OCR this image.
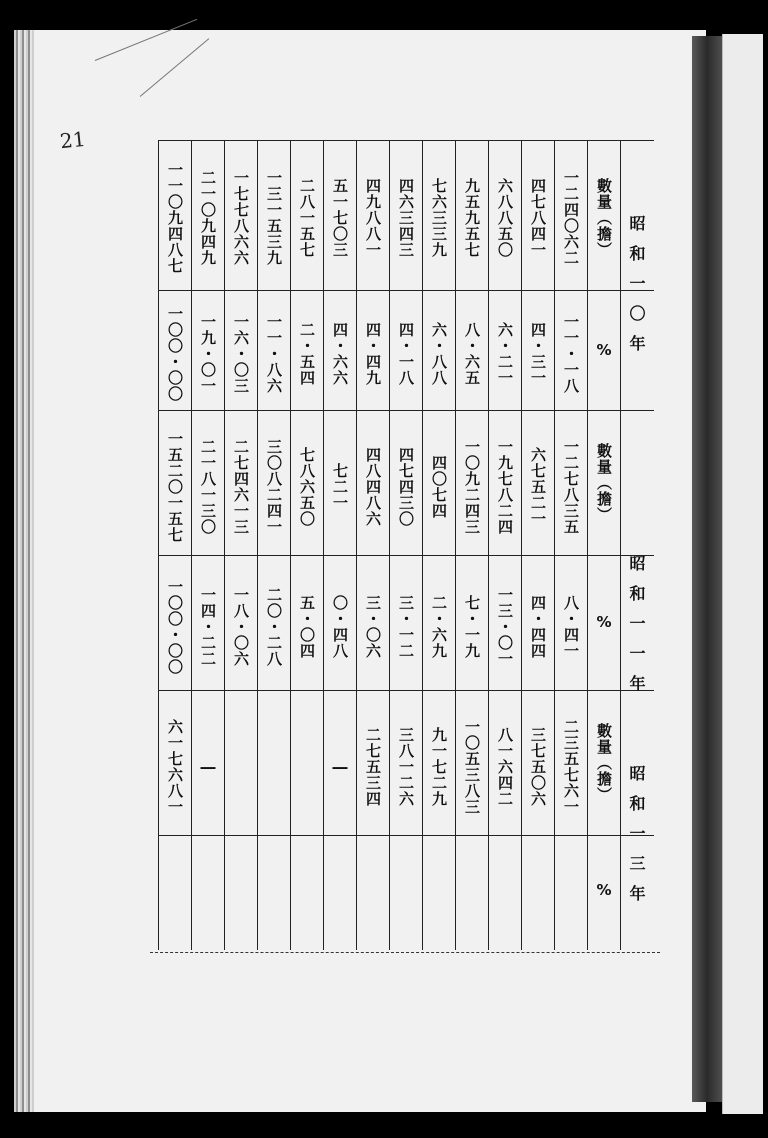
21
一二四〇六二
一一・一八
一二七八三五
八・四一
二三五七六一
四七八四一
四・三一
六七五二一
四・四四
三七五〇六
六八八五〇
六・二一
一九七八二四
一三・〇一
八一六四二
九五九五七
八・六五
一〇九二四三
七・一九
一〇五三八三
七六三三九
六・八八
四〇七四
二・六九
九一七二九
四六三四三
四・一八
四七四三〇
三・一二
三八一二六
四九八八一
四・四九
四八四八六
三・〇六
二七五三四
五一七〇三
四・六六
七二一
〇・四八
―
二八一五七
二・五四
七八六五〇
五・〇四
一三一五三九
一一・八六
三〇八二四一
二〇・二八
一七七八六六
一六・〇三
二七四六一三
一八・〇六
二一〇九四九
一九・〇一
二一八一三〇
一四・二二
―
一一〇九四八七
一〇〇・〇〇
一五二〇一五七
一〇〇・〇〇
六一七六八一
數量（擔）
%
數量（擔）
%
數量（擔）
%
昭和一〇年
昭和一一年
昭和一三年
